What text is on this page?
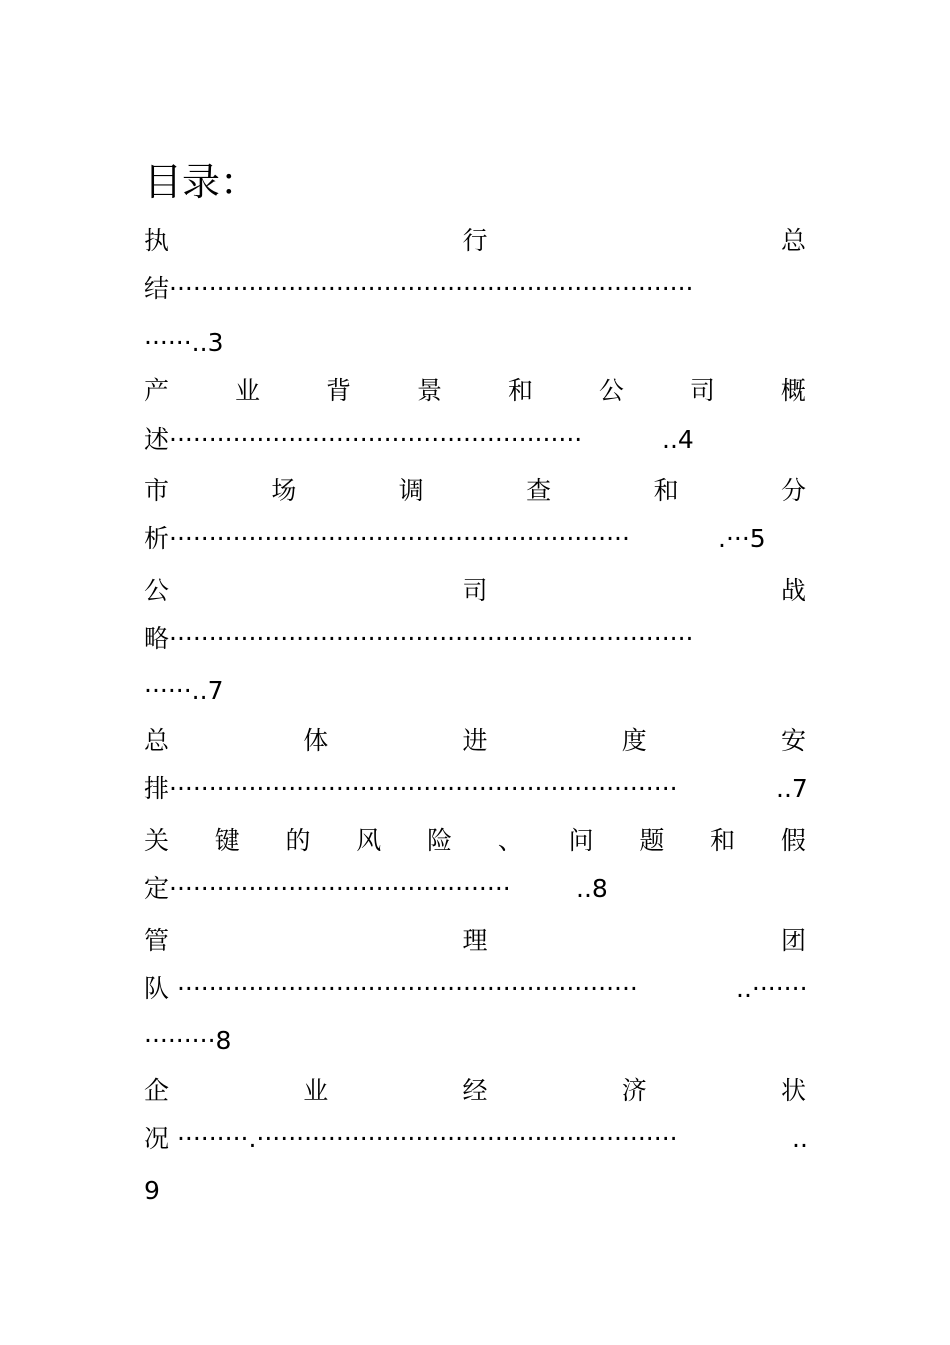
目录：
执	行	总
结··································································
······..3
产	业	背	景	和	公	司	概
述····················································	..4
市	场	调	查	和	分
析··························································	.···5
公	司	战
略··································································
······..7
总	体	进	度	安
排································································	..7
关 键 的 风 险 、 问 题 和 假
定···········································	..8
管	理	团
队 ··························································	..·······
·········8
企	业	经	济	状
况 ·········.·····················································	..
9
